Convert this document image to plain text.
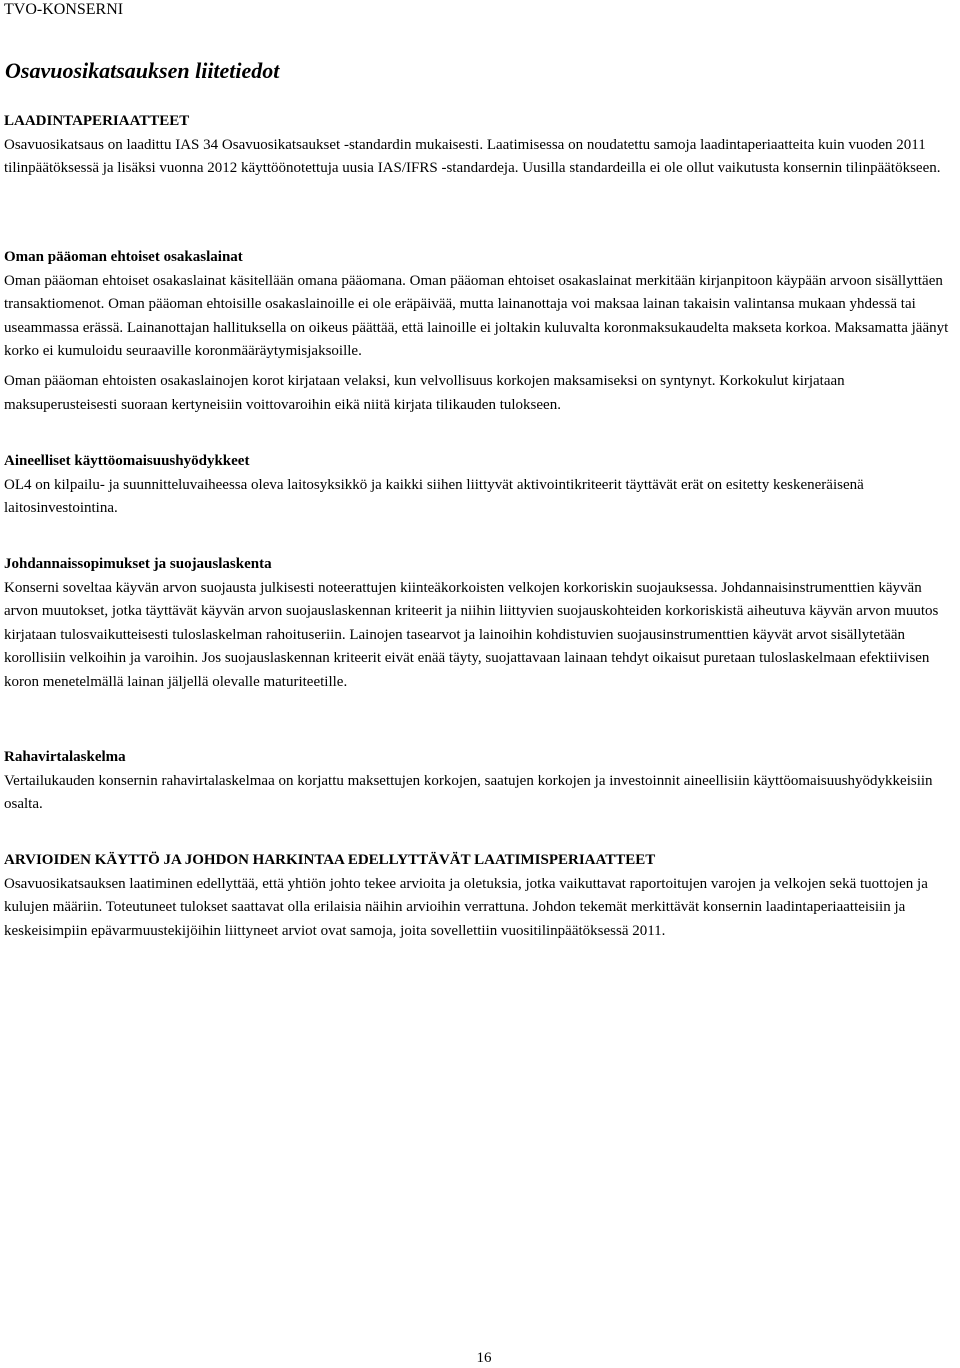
TVO-KONSERNI
Osavuosikatsauksen liitetiedot
LAADINTAPERIAATTEET

Osavuosikatsaus on laadittu IAS 34 Osavuosikatsaukset -standardin mukaisesti. Laatimisessa on noudatettu samoja laadintaperiaatteita kuin vuoden 2011 tilinpäätöksessä ja lisäksi vuonna 2012 käyttöönotettuja uusia IAS/IFRS -standardeja. Uusilla standardeilla ei ole ollut vaikutusta konsernin tilinpäätökseen.

Oman pääoman ehtoiset osakaslainat

Oman pääoman ehtoiset osakaslainat käsitellään omana pääomana. Oman pääoman ehtoiset osakaslainat merkitään kirjanpitoon käypään arvoon sisällyttäen transaktiomenot. Oman pääoman ehtoisille osakaslainoille ei ole eräpäivää, mutta lainanottaja voi maksaa lainan takaisin valintansa mukaan yhdessä tai useammassa erässä. Lainanottajan hallituksella on oikeus päättää, että lainoille ei joltakin kuluvalta koronmaksukaudelta makseta korkoa. Maksamatta jäänyt korko ei kumuloidu seuraaville koronmääräytymisjaksoille.

Oman pääoman ehtoisten osakaslainojen korot kirjataan velaksi, kun velvollisuus korkojen maksamiseksi on syntynyt. Korkokulut kirjataan maksuperusteisesti suoraan kertyneisiin voittovaroihin eikä niitä kirjata tilikauden tulokseen.

Aineelliset käyttöomaisuushyödykkeet

OL4 on kilpailu- ja suunnitteluvaiheessa oleva laitosyksikkö ja kaikki siihen liittyvät aktivointikriteerit täyttävät erät on esitetty keskeneräisenä laitosinvestointina.

Johdannaissopimukset ja suojauslaskenta

Konserni soveltaa käyvän arvon suojausta julkisesti noteerattujen kiinteäkorkoisten velkojen korkoriskin suojauksessa. Johdannaisinstrumenttien käyvän arvon muutokset, jotka täyttävät käyvän arvon suojauslaskennan kriteerit ja niihin liittyvien suojauskohteiden korkoriskistä aiheutuva käyvän arvon muutos kirjataan tulosvaikutteisesti tuloslaskelman rahoituseriin. Lainojen tasearvot ja lainoihin kohdistuvien suojausinstrumenttien käyvät arvot sisällytetään korollisiin velkoihin ja varoihin. Jos suojauslaskennan kriteerit eivät enää täyty, suojattavaan lainaan tehdyt oikaisut puretaan tuloslaskelmaan efektiivisen koron menetelmällä lainan jäljellä olevalle maturiteetille.

Rahavirtalaskelma

Vertailukauden konsernin rahavirtalaskelmaa on korjattu maksettujen korkojen, saatujen korkojen ja investoinnit aineellisiin käyttöomaisuushyödykkeisiin osalta.

ARVIOIDEN KÄYTTÖ JA JOHDON HARKINTAA EDELLYTTÄVÄT LAATIMISPERIAATTEET

Osavuosikatsauksen laatiminen edellyttää, että yhtiön johto tekee arvioita ja oletuksia, jotka vaikuttavat raportoitujen varojen ja velkojen sekä tuottojen ja kulujen määriin. Toteutuneet tulokset saattavat olla erilaisia näihin arvioihin verrattuna. Johdon tekemät merkittävät konsernin laadintaperiaatteisiin ja keskeisimpiin epävarmuustekijöihin liittyneet arviot ovat samoja, joita sovellettiin vuositilinpäätöksessä 2011.

16
